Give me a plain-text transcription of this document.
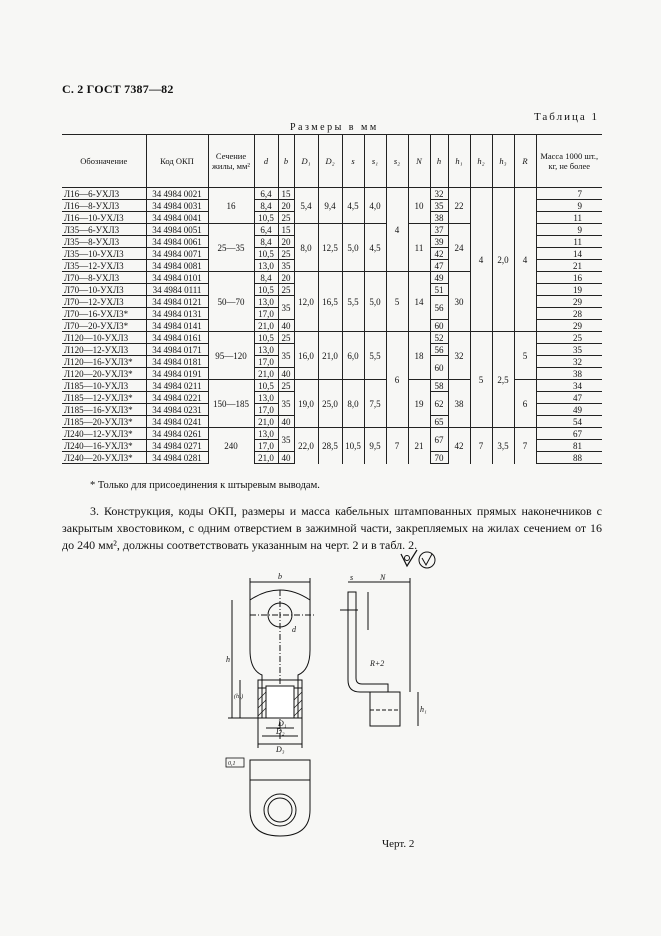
С. 2 ГОСТ 7387—82
Таблица 1
Размеры в мм
Обозначение	Код ОКП	Сечение жилы, мм²	d	b	D₁	D₂	s	s₁	s₂	N	h	h₁	h₂	h₃	R	Масса 1000 шт., кг, не более
Л16—6-УХЛ3	34 4984 0021	16	6,4	15	5,4	9,4	4,5	4,0	4	10	32	22	4	2,0	4	7
Л16—8-УХЛ3	34 4984 0031		8,4	20							35					9
Л16—10-УХЛ3	34 4984 0041		10,5	25							38					11
Л35—6-УХЛ3	34 4984 0051	25—35	6,4	15	8,0	12,5	5,0	4,5		11	37	24				9
Л35—8-УХЛ3	34 4984 0061		8,4	20							39					11
Л35—10-УХЛ3	34 4984 0071		10,5	25							42					14
Л35—12-УХЛ3	34 4984 0081		13,0	35							47					21
Л70—8-УХЛ3	34 4984 0101	50—70	8,4	20	12,0	16,5	5,5	5,0	5	14	49	30				16
Л70—10-УХЛ3	34 4984 0111		10,5	25							51					19
Л70—12-УХЛ3	34 4984 0121		13,0	35							56					29
Л70—16-УХЛ3*	34 4984 0131		17,0													28
Л70—20-УХЛ3*	34 4984 0141		21,0	40							60					29
Л120—10-УХЛ3	34 4984 0161	95—120	10,5	25	16,0	21,0	6,0	5,5	6	18	52	32	5	2,5	5	25
Л120—12-УХЛ3	34 4984 0171		13,0	35							56					35
Л120—16-УХЛ3*	34 4984 0181		17,0								60					32
Л120—20-УХЛ3*	34 4984 0191		21,0	40												38
Л185—10-УХЛ3	34 4984 0211	150—185	10,5	25	19,0	25,0	8,0	7,5		19	58	38			6	34
Л185—12-УХЛ3*	34 4984 0221		13,0	35							62					47
Л185—16-УХЛ3*	34 4984 0231		17,0													49
Л185—20-УХЛ3*	34 4984 0241		21,0	40							65					54
Л240—12-УХЛ3*	34 4984 0261	240	13,0	35	22,0	28,5	10,5	9,5	7	21	67	42	7	3,5	7	67
Л240—16-УХЛ3*	34 4984 0271		17,0													81
Л240—20-УХЛ3*	34 4984 0281		21,0	40							70					88
* Только для присоединения к штыревым выводам.

3. Конструкция, коды ОКП, размеры и масса кабельных штампованных прямых наконечников с закрытым хвостовиком, с одним отверстием в зажимной части, закрепляемых на жилах сечением от 16 до 240 мм², должны соответствовать указанным на черт. 2 и в табл. 2.

b
d
h
D₁
D₂
D₃
s	N
h₁
R+2
0,1
(h₂)
Черт. 2
